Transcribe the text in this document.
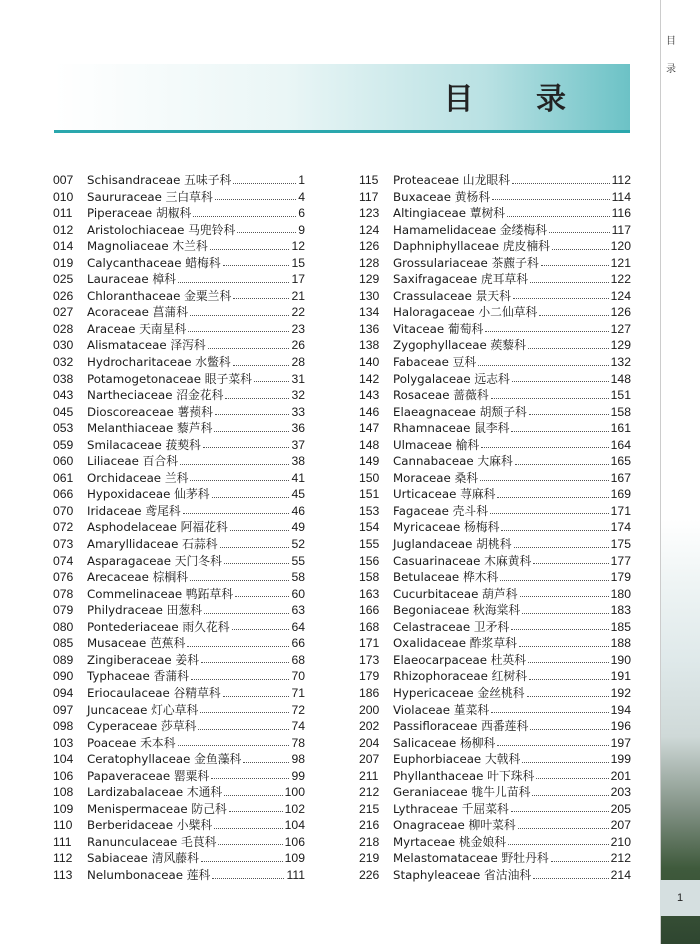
目 录
目
录
1
007	Schisandraceae 五味子科	1
010	Saururaceae 三白草科	4
011	Piperaceae 胡椒科	6
012	Aristolochiaceae 马兜铃科	9
014	Magnoliaceae 木兰科	12
019	Calycanthaceae 蜡梅科	15
025	Lauraceae 樟科	17
026	Chloranthaceae 金粟兰科	21
027	Acoraceae 菖蒲科	22
028	Araceae 天南星科	23
030	Alismataceae 泽泻科	26
032	Hydrocharitaceae 水鳖科	28
038	Potamogetonaceae 眼子菜科	31
043	Nartheciaceae 沼金花科	32
045	Dioscoreaceae 薯蓣科	33
053	Melanthiaceae 藜芦科	36
059	Smilacaceae 菝葜科	37
060	Liliaceae 百合科	38
061	Orchidaceae 兰科	41
066	Hypoxidaceae 仙茅科	45
070	Iridaceae 鸢尾科	46
072	Asphodelaceae 阿福花科	49
073	Amaryllidaceae 石蒜科	52
074	Asparagaceae 天门冬科	55
076	Arecaceae 棕榈科	58
078	Commelinaceae 鸭跖草科	60
079	Philydraceae 田葱科	63
080	Pontederiaceae 雨久花科	64
085	Musaceae 芭蕉科	66
089	Zingiberaceae 姜科	68
090	Typhaceae 香蒲科	70
094	Eriocaulaceae 谷精草科	71
097	Juncaceae 灯心草科	72
098	Cyperaceae 莎草科	74
103	Poaceae 禾本科	78
104	Ceratophyllaceae 金鱼藻科	98
106	Papaveraceae 罂粟科	99
108	Lardizabalaceae 木通科	100
109	Menispermaceae 防己科	102
110	Berberidaceae 小檗科	104
111	Ranunculaceae 毛茛科	106
112	Sabiaceae 清风藤科	109
113	Nelumbonaceae 莲科	111
115	Proteaceae 山龙眼科	112
117	Buxaceae 黄杨科	114
123	Altingiaceae 蕈树科	116
124	Hamamelidaceae 金缕梅科	117
126	Daphniphyllaceae 虎皮楠科	120
128	Grossulariaceae 茶藨子科	121
129	Saxifragaceae 虎耳草科	122
130	Crassulaceae 景天科	124
134	Haloragaceae 小二仙草科	126
136	Vitaceae 葡萄科	127
138	Zygophyllaceae 蒺藜科	129
140	Fabaceae 豆科	132
142	Polygalaceae 远志科	148
143	Rosaceae 蔷薇科	151
146	Elaeagnaceae 胡颓子科	158
147	Rhamnaceae 鼠李科	161
148	Ulmaceae 榆科	164
149	Cannabaceae 大麻科	165
150	Moraceae 桑科	167
151	Urticaceae 荨麻科	169
153	Fagaceae 壳斗科	171
154	Myricaceae 杨梅科	174
155	Juglandaceae 胡桃科	175
156	Casuarinaceae 木麻黄科	177
158	Betulaceae 桦木科	179
163	Cucurbitaceae 葫芦科	180
166	Begoniaceae 秋海棠科	183
168	Celastraceae 卫矛科	185
171	Oxalidaceae 酢浆草科	188
173	Elaeocarpaceae 杜英科	190
179	Rhizophoraceae 红树科	191
186	Hypericaceae 金丝桃科	192
200	Violaceae 堇菜科	194
202	Passifloraceae 西番莲科	196
204	Salicaceae 杨柳科	197
207	Euphorbiaceae 大戟科	199
211	Phyllanthaceae 叶下珠科	201
212	Geraniaceae 牻牛儿苗科	203
215	Lythraceae 千屈菜科	205
216	Onagraceae 柳叶菜科	207
218	Myrtaceae 桃金娘科	210
219	Melastomataceae 野牡丹科	212
226	Staphyleaceae 省沽油科	214
